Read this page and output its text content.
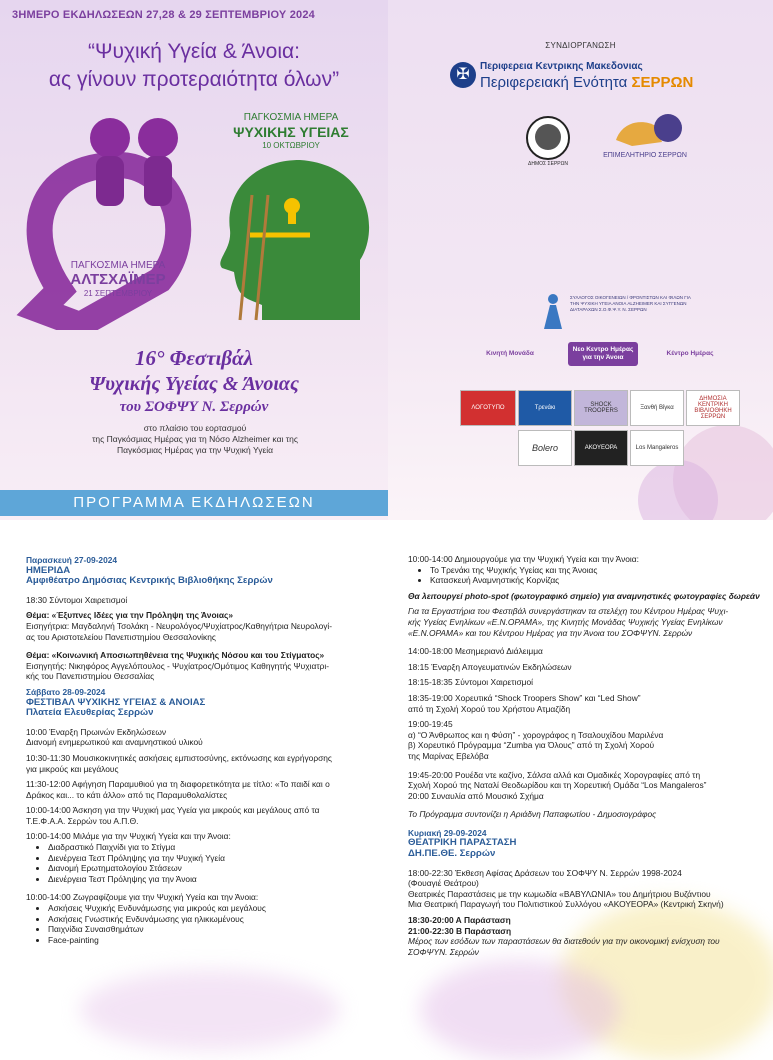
3ΗΜΕΡΟ ΕΚΔΗΛΩΣΕΩΝ 27,28 & 29 ΣΕΠΤΕΜΒΡΙΟΥ 2024
“Ψυχική Υγεία & Άνοια:
ας γίνουν προτεραιότητα όλων”
ΠΑΓΚΟΣΜΙΑ ΗΜΕΡΑ
ΑΛΤΣΧΑΪΜΕΡ
21 ΣΕΠΤΕΜΒΡΙΟΥ
ΠΑΓΚΟΣΜΙΑ ΗΜΕΡΑ
ΨΥΧΙΚΗΣ ΥΓΕΙΑΣ
10 ΟΚΤΩΒΡΙΟΥ
16° Φεστιβάλ
Ψυχικής Υγείας & Άνοιας
του ΣΟΦΨΥ Ν. Σερρών
στο πλαίσιο του εορτασμού
της Παγκόσμιας Ημέρας για τη Νόσο Alzheimer και της
Παγκόσμιας Ημέρας για την Ψυχική Υγεία
ΠΡΟΓΡΑΜΜΑ ΕΚΔΗΛΩΣΕΩΝ
ΣΥΝΔΙΟΡΓΑΝΩΣΗ
✠	Περιφερεια Κεντρικης Μακεδονιας
Περιφερειακή Ενότητα ΣΕΡΡΩΝ
ΔΗΜΟΣ ΣΕΡΡΩΝ
ΕΠΙΜΕΛΗΤΗΡΙΟ ΣΕΡΡΩΝ
ΣΥΛΛΟΓΟΣ ΟΙΚΟΓΕΝΕΙΩΝ / ΦΡΟΝΤΙΣΤΩΝ ΚΑΙ ΦΙΛΩΝ ΓΙΑ ΤΗΝ ΨΥΧΙΚΗ ΥΓΕΙΑ ΑΝΟΙΑ ALZHEIMER ΚΑΙ ΣΥΓΓΕΝΩΝ ΔΙΑΤΑΡΑΧΩΝ Σ.Ο.Φ.Ψ.Υ. Ν. ΣΕΡΡΩΝ
Κινητή Μονάδα
Νεο Κεντρο Ημέρας για την Άνοια
Κέντρο Ημέρας
ΛΟΓΟΤΥΠΟ	Τρενάκι	SHOCK TROOPERS	Ξανθή Βίγκα
ΔΗΜΟΣΙΑ ΚΕΝΤΡΙΚΗ ΒΙΒΛΙΟΘΗΚΗ ΣΕΡΡΩΝ
Bolero	ΑΚΟΥΕΟΡΑ	Los Mangaleros

Παρασκευή 27-09-2024

ΗΜΕΡΙΔΑ

Αμφιθέατρο Δημόσιας Κεντρικής Βιβλιοθήκης Σερρών

18:30 Σύντομοι Χαιρετισμοί

Θέμα: «Έξυπνες Ιδέες για την Πρόληψη της Άνοιας»

Εισηγήτρια: Μαγδαληνή Τσολάκη - Νευρολόγος/Ψυχίατρος/Καθηγήτρια Νευρολογί-

ας του Αριστοτελείου Πανεπιστημίου Θεσσαλονίκης

Θέμα: «Κοινωνική Αποσιωπηθένεια της Ψυχικής Νόσου και του Στίγματος»

Εισηγητής: Νικηφόρος Αγγελόπουλος - Ψυχίατρος/Ομότιμος Καθηγητής Ψυχιατρι-

κής του Πανεπιστημίου Θεσσαλίας

Σάββατο 28-09-2024

ΦΕΣΤΙΒΑΛ ΨΥΧΙΚΗΣ ΥΓΕΙΑΣ & ΑΝΟΙΑΣ

Πλατεία Ελευθερίας Σερρών

10:00 Έναρξη Πρωινών Εκδηλώσεων

Διανομή ενημερωτικού και αναμνηστικού υλικού

10:30-11:30 Μουσικοκινητικές ασκήσεις εμπιστοσύνης, εκτόνωσης και εγρήγορσης

για μικρούς και μεγάλους

11:30-12:00 Αφήγηση Παραμυθιού για τη διαφορετικότητα με τίτλο: «Το παιδί και ο

Δράκος και... το κάτι άλλο» από τις Παραμυθολαλίστες

10:00-14:00 Άσκηση για την Ψυχική μας Υγεία για μικρούς και μεγάλους από τα

Τ.Ε.Φ.Α.Α. Σερρών του Α.Π.Θ.

10:00-14:00 Μιλάμε για την Ψυχική Υγεία και την Άνοια:

• Διαδραστικό Παιχνίδι για το Στίγμα
• Διενέργεια Τεστ Πρόληψης για την Ψυχική Υγεία
• Διανομή Ερωτηματολογίου Στάσεων
• Διενέργεια Τεστ Πρόληψης για την Άνοια

10:00-14:00 Ζωγραφίζουμε για την Ψυχική Υγεία και την Άνοια:

• Ασκήσεις Ψυχικής Ενδυνάμωσης για μικρούς και μεγάλους
• Ασκήσεις Γνωστικής Ενδυνάμωσης για ηλικιωμένους
• Παιχνίδια Συναισθημάτων
• Face-painting

10:00-14:00 Δημιουργούμε για την Ψυχική Υγεία και την Άνοια:

• Το Τρενάκι της Ψυχικής Υγείας και της Άνοιας
• Κατασκευή Αναμνηστικής Κορνίζας

Θα λειτουργεί photo-spot (φωτογραφικό σημείο) για αναμνηστικές φωτογραφίες δωρεάν

Για τα Εργαστήρια του Φεστιβάλ συνεργάστηκαν τα στελέχη του Κέντρου Ημέρας Ψυχι-

κής Υγείας Ενηλίκων «Ε.Ν.ΟΡΑΜΑ», της Κινητής Μονάδας Ψυχικής Υγείας Ενηλίκων

«Ε.Ν.ΟΡΑΜΑ» και του Κέντρου Ημέρας για την Άνοια του ΣΟΦΨΥΝ. Σερρών

14:00-18:00 Μεσημεριανό Διάλειμμα

18:15 Έναρξη Απογευματινών Εκδηλώσεων

18:15-18:35 Σύντομοι Χαιρετισμοί

18:35-19:00 Χορευτικά “Shock Troopers Show” και “Led Show”

από τη Σχολή Χορού του Χρήστου Ατμαζίδη

19:00-19:45

α) “Ο Άνθρωπος και η Φύση” - χορογράφος η Τσαλουχίδου Μαριλένα

β) Χορευτικό Πρόγραμμα “Zumba για Όλους” από τη Σχολή Χορού

της Μαρίνας Εβελόβα

19:45-20:00 Ρουέδα ντε καζίνο, Σάλσα αλλά και Ομαδικές Χορογραφίες από τη

Σχολή Χορού της Ναταλί Θεοδωρίδου και τη Χορευτική Ομάδα “Los Mangaleros”

20:00 Συναυλία από Μουσικό Σχήμα

Το Πρόγραμμα συντονίζει η Αριάδνη Παπαφωτίου - Δημοσιογράφος

Κυριακή 29-09-2024

ΘΕΑΤΡΙΚΗ ΠΑΡΑΣΤΑΣΗ

ΔΗ.ΠΕ.ΘΕ. Σερρών

18:00-22:30 Έκθεση Αφίσας Δράσεων του ΣΟΦΨΥ Ν. Σερρών 1998-2024

(Φουαγιέ Θεάτρου)

Θεατρικές Παραστάσεις με την κωμωδία «ΒΑΒΥΛΩΝΙΑ» του Δημήτριου Βυζάντιου

Μια Θεατρική Παραγωγή του Πολιτιστικού Συλλόγου «ΑΚΟΥΕΟΡΑ» (Κεντρική Σκηνή)

18:30-20:00 Α Παράσταση

21:00-22:30 Β Παράσταση

Μέρος των εσόδων των παραστάσεων θα διατεθούν για την οικονομική ενίσχυση του

ΣΟΦΨΥΝ. Σερρών
